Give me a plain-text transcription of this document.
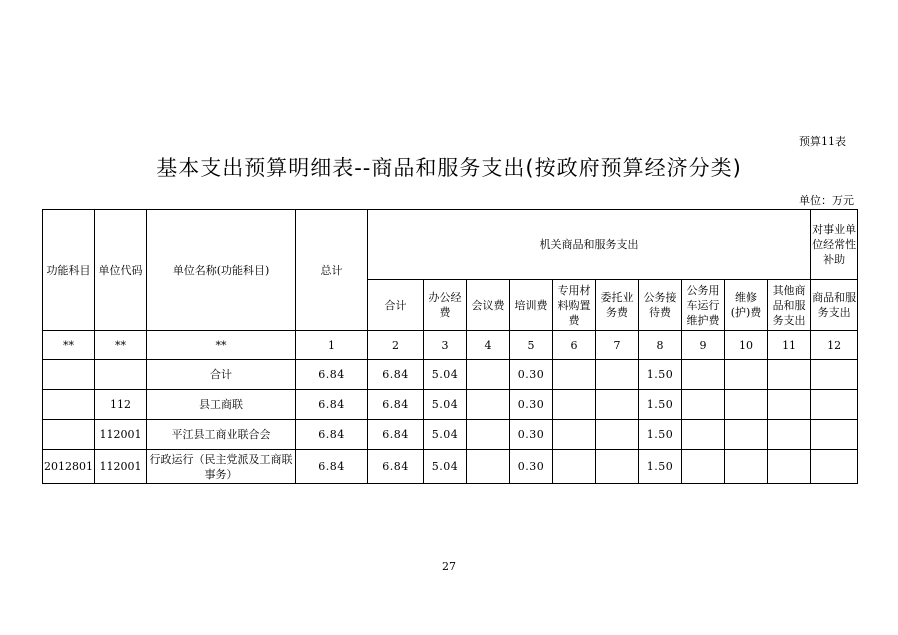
预算11表
基本支出预算明细表--商品和服务支出(按政府预算经济分类)
单位：万元
功能科目	单位代码	单位名称(功能科目)	总计	机关商品和服务支出										对事业单位经常性补助
				合计	办公经费	会议费	培训费	专用材料购置费	委托业务费	公务接待费	公务用车运行维护费	维修(护)费	其他商品和服务支出	商品和服务支出
**	**	**	1	2	3	4	5	6	7	8	9	10	11	12
		合计	6.84	6.84	5.04		0.30			1.50				
	112	县工商联	6.84	6.84	5.04		0.30			1.50				
	112001	平江县工商业联合会	6.84	6.84	5.04		0.30			1.50				
2012801	112001	行政运行（民主党派及工商联事务）	6.84	6.84	5.04		0.30			1.50				
27
